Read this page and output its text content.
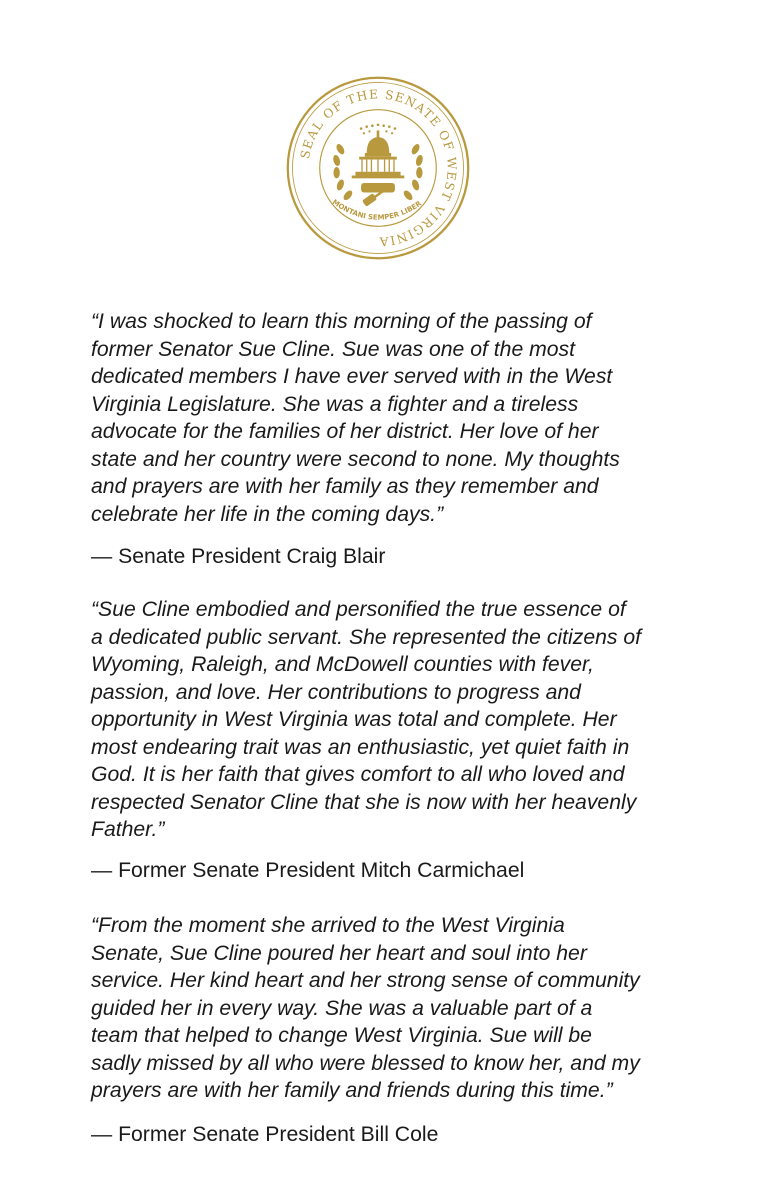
SEAL OF THE SENATE OF WEST VIRGINIA
MONTANI SEMPER LIBER

“I was shocked to learn this morning of the passing of
former Senator Sue Cline. Sue was one of the most
dedicated members I have ever served with in the West
Virginia Legislature. She was a fighter and a tireless
advocate for the families of her district. Her love of her
state and her country were second to none. My thoughts
and prayers are with her family as they remember and
celebrate her life in the coming days.”

— Senate President Craig Blair

“Sue Cline embodied and personified the true essence of
a dedicated public servant. She represented the citizens of
Wyoming, Raleigh, and McDowell counties with fever,
passion, and love. Her contributions to progress and
opportunity in West Virginia was total and complete. Her
most endearing trait was an enthusiastic, yet quiet faith in
God. It is her faith that gives comfort to all who loved and
respected Senator Cline that she is now with her heavenly
Father.”

— Former Senate President Mitch Carmichael

“From the moment she arrived to the West Virginia
Senate, Sue Cline poured her heart and soul into her
service. Her kind heart and her strong sense of community
guided her in every way. She was a valuable part of a
team that helped to change West Virginia. Sue will be
sadly missed by all who were blessed to know her, and my
prayers are with her family and friends during this time.”

— Former Senate President Bill Cole
